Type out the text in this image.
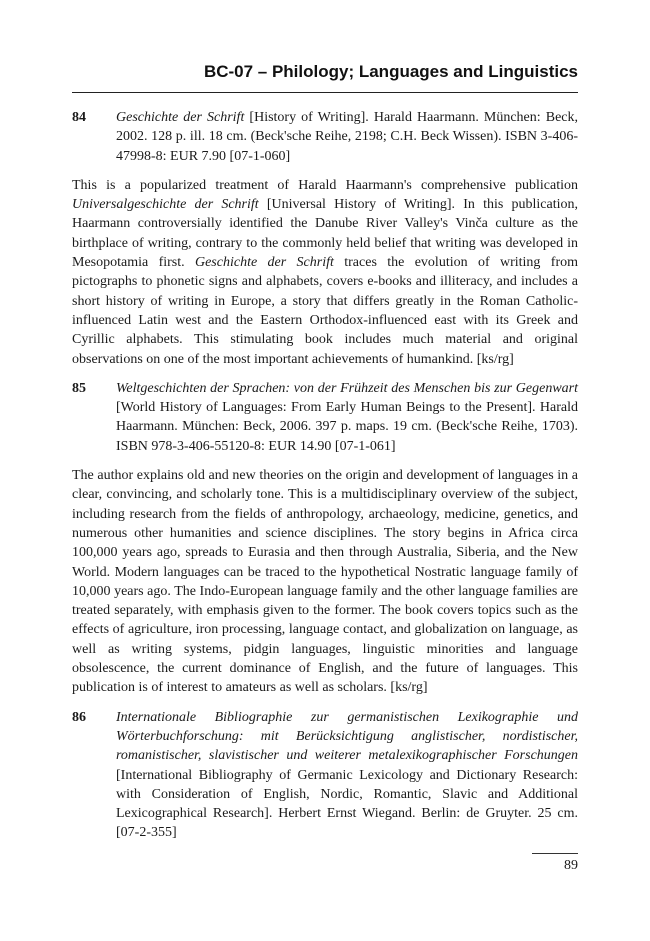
BC-07 – Philology; Languages and Linguistics
84	Geschichte der Schrift [History of Writing]. Harald Haarmann. München: Beck, 2002. 128 p. ill. 18 cm. (Beck'sche Reihe, 2198; C.H. Beck Wissen). ISBN 3-406-47998-8: EUR 7.90 [07-1-060]

This is a popularized treatment of Harald Haarmann's comprehensive publication Universalgeschichte der Schrift [Universal History of Writing]. In this publication, Haarmann controversially identified the Danube River Valley's Vinča culture as the birthplace of writing, contrary to the commonly held belief that writing was developed in Mesopotamia first. Geschichte der Schrift traces the evolution of writing from pictographs to phonetic signs and alphabets, covers e-books and illiteracy, and includes a short history of writing in Europe, a story that differs greatly in the Roman Catholic-influenced Latin west and the Eastern Orthodox-influenced east with its Greek and Cyrillic alphabets. This stimulating book includes much material and original observations on one of the most important achievements of humankind. [ks/rg]

85	Weltgeschichten der Sprachen: von der Frühzeit des Menschen bis zur Gegenwart [World History of Languages: From Early Human Beings to the Present]. Harald Haarmann. München: Beck, 2006. 397 p. maps. 19 cm. (Beck'sche Reihe, 1703). ISBN 978-3-406-55120-8: EUR 14.90 [07-1-061]

The author explains old and new theories on the origin and development of languages in a clear, convincing, and scholarly tone. This is a multidisciplinary overview of the subject, including research from the fields of anthropology, archaeology, medicine, genetics, and numerous other humanities and science disciplines. The story begins in Africa circa 100,000 years ago, spreads to Eurasia and then through Australia, Siberia, and the New World. Modern languages can be traced to the hypothetical Nostratic language family of 10,000 years ago. The Indo-European language family and the other language families are treated separately, with emphasis given to the former. The book covers topics such as the effects of agriculture, iron processing, language contact, and globalization on language, as well as writing systems, pidgin languages, linguistic minorities and language obsolescence, the current dominance of English, and the future of languages. This publication is of interest to amateurs as well as scholars. [ks/rg]

86	Internationale Bibliographie zur germanistischen Lexikographie und Wörterbuchforschung: mit Berücksichtigung anglistischer, nordistischer, romanistischer, slavistischer und weiterer metalexikographischer Forschungen [International Bibliography of Germanic Lexicology and Dictionary Research: with Consideration of English, Nordic, Romantic, Slavic and Additional Lexicographical Research]. Herbert Ernst Wiegand. Berlin: de Gruyter. 25 cm. [07-2-355]
89
